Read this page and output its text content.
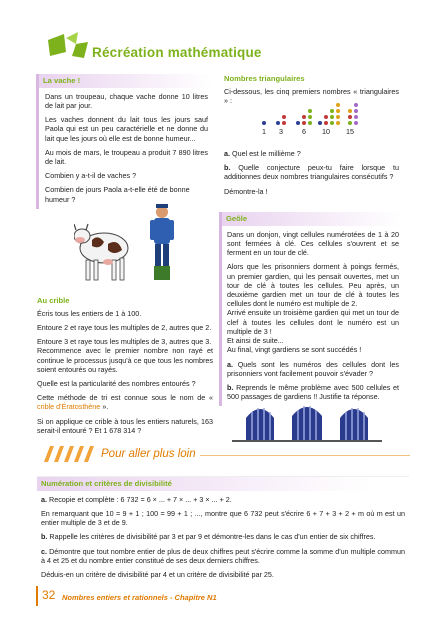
Récréation mathématique
La vache !

Dans un troupeau, chaque vache donne 10 litres de lait par jour.

Les vaches donnent du lait tous les jours sauf Paola qui est un peu caractérielle et ne donne du lait que les jours où elle est de bonne humeur...

Au mois de mars, le troupeau a produit 7 890 litres de lait.

Combien y a-t-il de vaches ?

Combien de jours Paola a-t-elle été de bonne humeur ?

Au crible

Écris tous les entiers de 1 à 100.

Entoure 2 et raye tous les multiples de 2, autres que 2.

Entoure 3 et raye tous les multiples de 3, autres que 3.

Recommence avec le premier nombre non rayé et continue le processus jusqu'à ce que tous les nombres soient entourés ou rayés.

Quelle est la particularité des nombres entourés ?

Cette méthode de tri est connue sous le nom de « crible d'Ératosthène ».

Si on applique ce crible à tous les entiers naturels, 163 serait-il entouré ? Et 1 678 314 ?

Nombres triangulaires

Ci-dessous, les cinq premiers nombres « triangulaires » :

1 3	6 10 15

a. Quel est le millième ?

b. Quelle conjecture peux-tu faire lorsque tu additionnes deux nombres triangulaires consécutifs ?

Démontre-la !

Geôle

Dans un donjon, vingt cellules numérotées de 1 à 20 sont fermées à clé. Ces cellules s'ouvrent et se ferment en un tour de clé.

Alors que les prisonniers dorment à poings fermés, un premier gardien, qui les pensait ouvertes, met un tour de clé à toutes les cellules. Peu après, un deuxième gardien met un tour de clé à toutes les cellules dont le numéro est multiple de 2.

Arrivé ensuite un troisième gardien qui met un tour de clef à toutes les cellules dont le numéro est un multiple de 3 !

Et ainsi de suite...

Au final, vingt gardiens se sont succédés !

a. Quels sont les numéros des cellules dont les prisonniers vont facilement pouvoir s'évader ?

b. Reprends le même problème avec 500 cellules et 500 passages de gardiens !! Justifie ta réponse.

Pour aller plus loin
Numération et critères de divisibilité

a. Recopie et complète : 6 732 = 6 × ... + 7 × ... + 3 × ... + 2.

En remarquant que 10 = 9 + 1 ; 100 = 99 + 1 ; ..., montre que 6 732 peut s'écrire 6 + 7 + 3 + 2 + m où m est un entier multiple de 3 et de 9.

b. Rappelle les critères de divisibilité par 3 et par 9 et démontre-les dans le cas d'un entier de six chiffres.

c. Démontre que tout nombre entier de plus de deux chiffres peut s'écrire comme la somme d'un multiple commun à 4 et 25 et du nombre entier constitué de ses deux derniers chiffres.

Déduis-en un critère de divisibilité par 4 et un critère de divisibilité par 25.

32 Nombres entiers et rationnels - Chapitre N1
